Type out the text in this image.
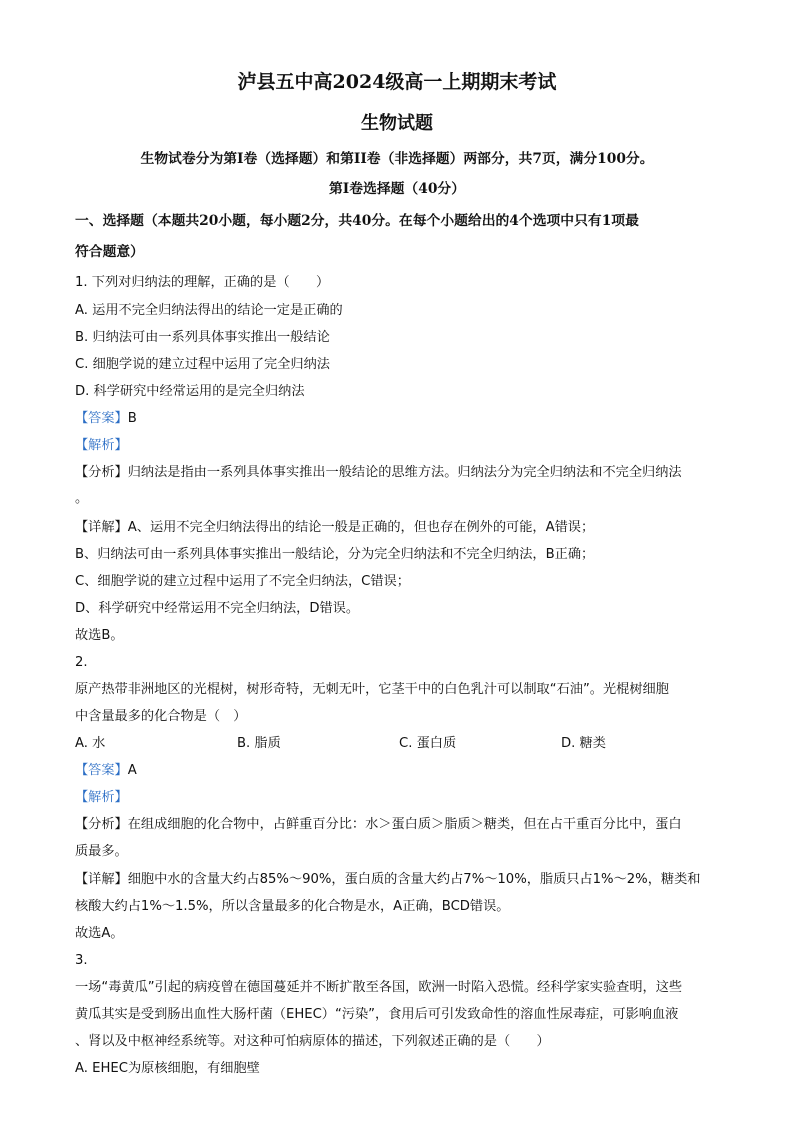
泸县五中高2024级高一上期期末考试
生物试题
生物试卷分为第I卷（选择题）和第II卷（非选择题）两部分，共7页，满分100分。
第I卷选择题（40分）
一、选择题（本题共20小题，每小题2分，共40分。在每个小题给出的4个选项中只有1项最
符合题意）
1. 下列对归纳法的理解，正确的是（　　）
A. 运用不完全归纳法得出的结论一定是正确的
B. 归纳法可由一系列具体事实推出一般结论
C. 细胞学说的建立过程中运用了完全归纳法
D. 科学研究中经常运用的是完全归纳法
【答案】B
【解析】
【分析】归纳法是指由一系列具体事实推出一般结论的思维方法。归纳法分为完全归纳法和不完全归纳法
。
【详解】A、运用不完全归纳法得出的结论一般是正确的，但也存在例外的可能，A错误；
B、归纳法可由一系列具体事实推出一般结论，分为完全归纳法和不完全归纳法，B正确；
C、细胞学说的建立过程中运用了不完全归纳法，C错误；
D、科学研究中经常运用不完全归纳法，D错误。
故选B。
2.
原产热带非洲地区的光棍树，树形奇特，无刺无叶，它茎干中的白色乳汁可以制取“石油”。光棍树细胞
中含量最多的化合物是（　）
A. 水	B. 脂质	C. 蛋白质	D. 糖类
【答案】A
【解析】
【分析】在组成细胞的化合物中，占鲜重百分比：水＞蛋白质＞脂质＞糖类，但在占干重百分比中，蛋白
质最多。
【详解】细胞中水的含量大约占85%～90%，蛋白质的含量大约占7%～10%，脂质只占1%～2%，糖类和
核酸大约占1%～1.5%，所以含量最多的化合物是水，A正确，BCD错误。
故选A。
3.
一场“毒黄瓜”引起的病疫曾在德国蔓延并不断扩散至各国，欧洲一时陷入恐慌。经科学家实验查明，这些
黄瓜其实是受到肠出血性大肠杆菌（EHEC）“污染”，食用后可引发致命性的溶血性尿毒症，可影响血液
、肾以及中枢神经系统等。对这种可怕病原体的描述，下列叙述正确的是（　　）
A. EHEC为原核细胞，有细胞壁
